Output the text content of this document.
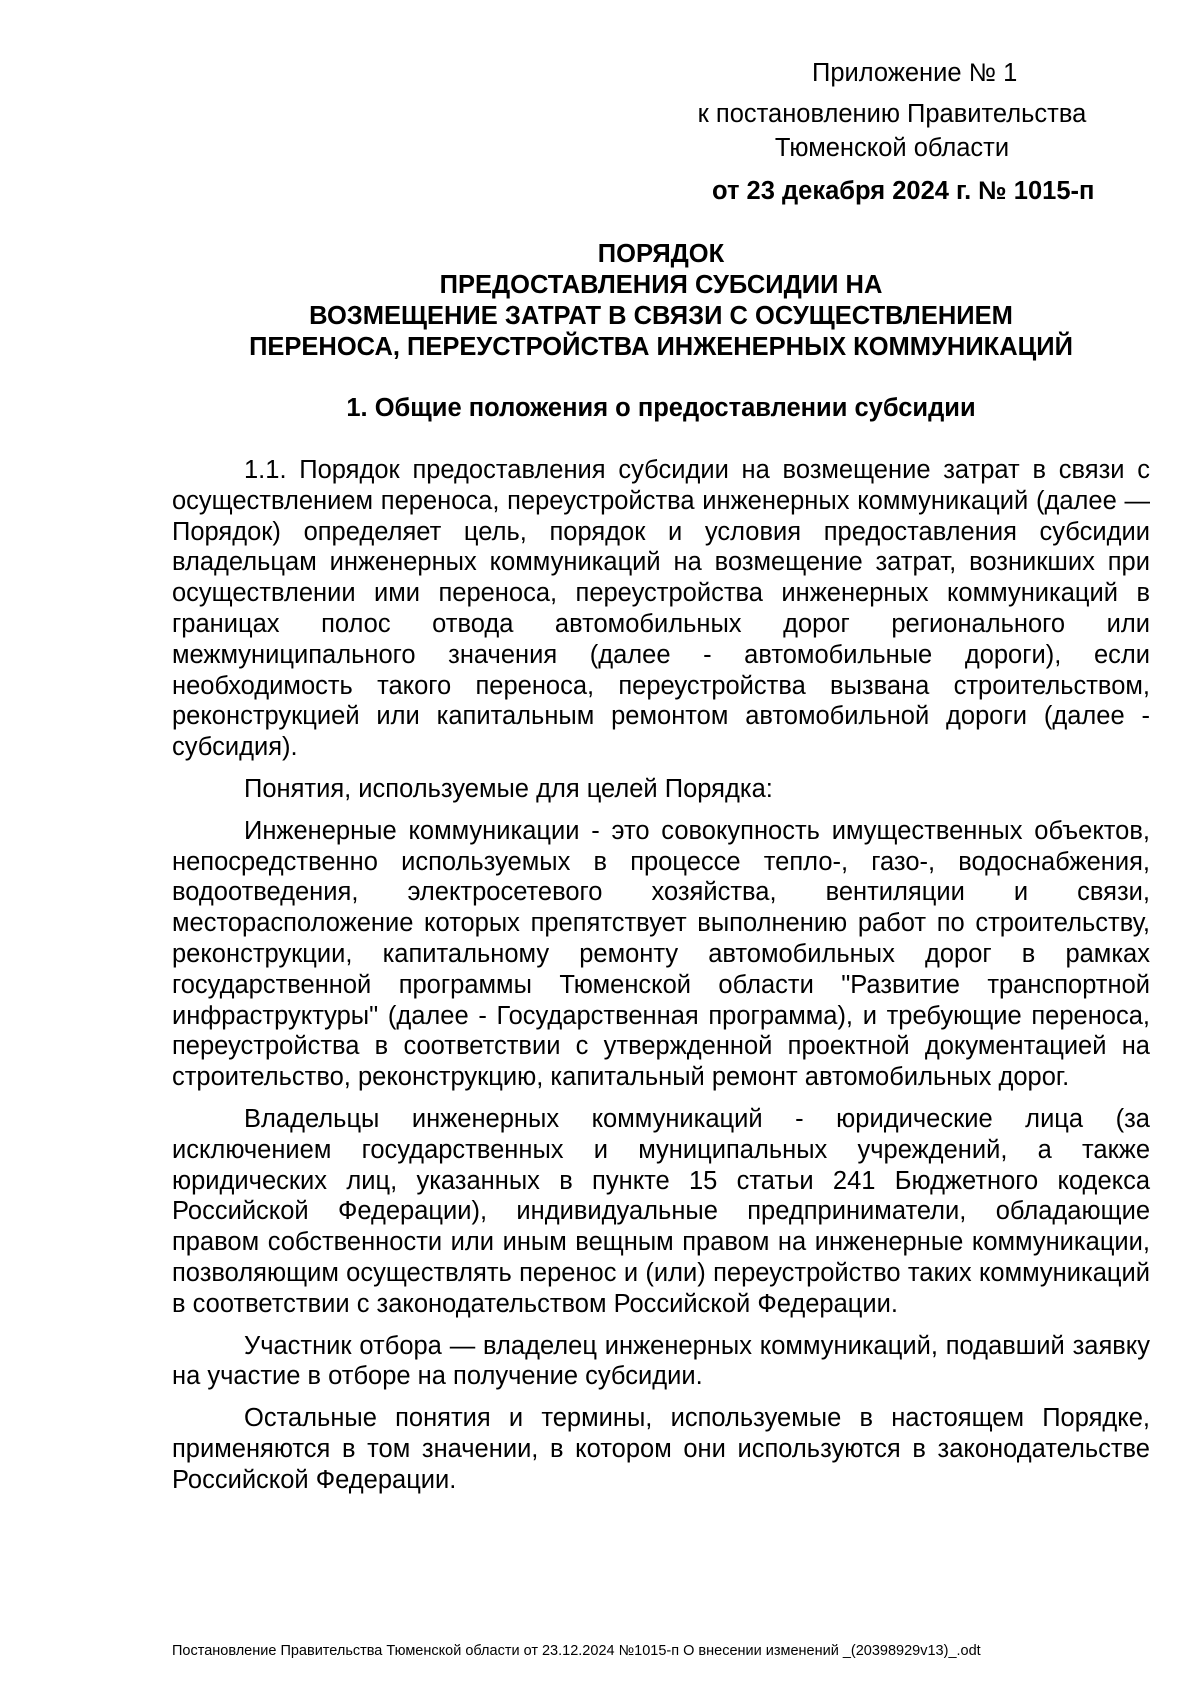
Приложение № 1
к постановлению Правительства Тюменской области
от 23 декабря 2024 г. № 1015-п
ПОРЯДОК
ПРЕДОСТАВЛЕНИЯ СУБСИДИИ НА
ВОЗМЕЩЕНИЕ ЗАТРАТ В СВЯЗИ С ОСУЩЕСТВЛЕНИЕМ
ПЕРЕНОСА, ПЕРЕУСТРОЙСТВА ИНЖЕНЕРНЫХ КОММУНИКАЦИЙ
1. Общие положения о предоставлении субсидии

1.1. Порядок предоставления субсидии на возмещение затрат в связи с осуществлением переноса, переустройства инженерных коммуникаций (далее — Порядок) определяет цель, порядок и условия предоставления субсидии владельцам инженерных коммуникаций на возмещение затрат, возникших при осуществлении ими переноса, переустройства инженерных коммуникаций в границах полос отвода автомобильных дорог регионального или межмуниципального значения (далее - автомобильные дороги), если необходимость такого переноса, переустройства вызвана строительством, реконструкцией или капитальным ремонтом автомобильной дороги (далее - субсидия).

Понятия, используемые для целей Порядка:

Инженерные коммуникации - это совокупность имущественных объектов, непосредственно используемых в процессе тепло-, газо-, водоснабжения, водоотведения, электросетевого хозяйства, вентиляции и связи, месторасположение которых препятствует выполнению работ по строительству, реконструкции, капитальному ремонту автомобильных дорог в рамках государственной программы Тюменской области "Развитие транспортной инфраструктуры" (далее - Государственная программа), и требующие переноса, переустройства в соответствии с утвержденной проектной документацией на строительство, реконструкцию, капитальный ремонт автомобильных дорог.

Владельцы инженерных коммуникаций - юридические лица (за исключением государственных и муниципальных учреждений, а также юридических лиц, указанных в пункте 15 статьи 241 Бюджетного кодекса Российской Федерации), индивидуальные предприниматели, обладающие правом собственности или иным вещным правом на инженерные коммуникации, позволяющим осуществлять перенос и (или) переустройство таких коммуникаций в соответствии с законодательством Российской Федерации.

Участник отбора — владелец инженерных коммуникаций, подавший заявку на участие в отборе на получение субсидии.

Остальные понятия и термины, используемые в настоящем Порядке, применяются в том значении, в котором они используются в законодательстве Российской Федерации.

Постановление Правительства Тюменской области от 23.12.2024 №1015-п О внесении изменений _(20398929v13)_.odt
